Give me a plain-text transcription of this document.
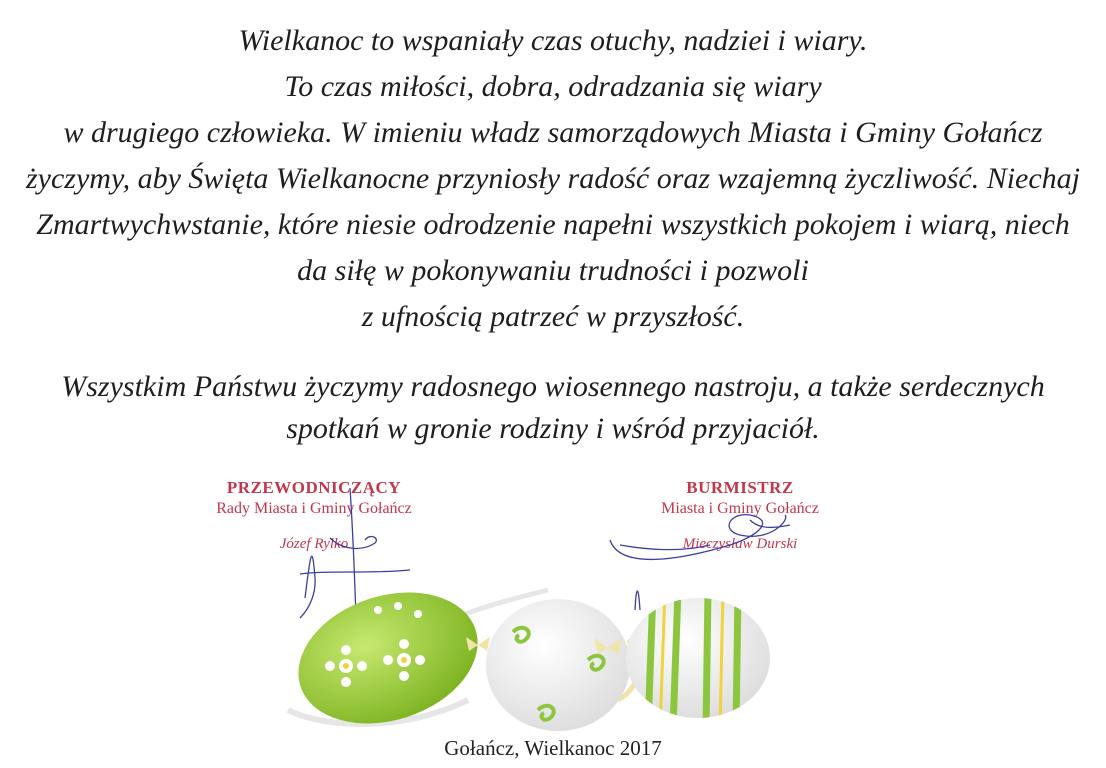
Wielkanoc to wspaniały czas otuchy, nadziei i wiary.
To czas miłości, dobra, odradzania się wiary
w drugiego człowieka. W imieniu władz samorządowych Miasta i Gminy Gołańcz
życzymy, aby Święta Wielkanocne przyniosły radość oraz wzajemną życzliwość. Niechaj
Zmartwychwstanie, które niesie odrodzenie napełni wszystkich pokojem i wiarą, niech
da siłę w pokonywaniu trudności i pozwoli
z ufnością patrzeć w przyszłość.
Wszystkim Państwu życzymy radosnego wiosennego nastroju, a także serdecznych
spotkań w gronie rodziny i wśród przyjaciół.
PRZEWODNICZĄCY
Rady Miasta i Gminy Gołańcz
Józef Rylko
BURMISTRZ
Miasta i Gminy Gołańcz
Mieczysław Durski
Gołańcz, Wielkanoc 2017
